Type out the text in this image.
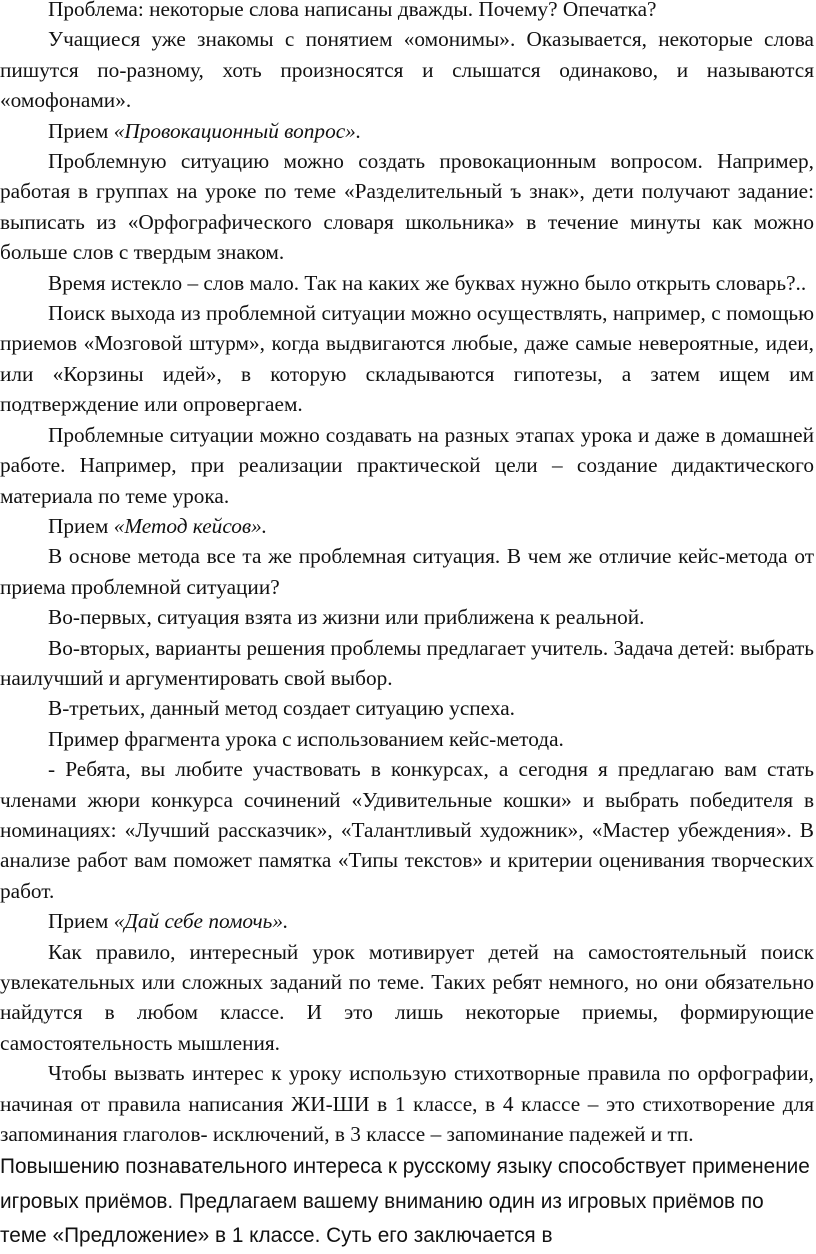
Проблема: некоторые слова написаны дважды. Почему? Опечатка?

Учащиеся уже знакомы с понятием «омонимы». Оказывается, некоторые слова пишутся по-разному, хоть произносятся и слышатся одинаково, и называются «омофонами».

Прием «Провокационный вопрос».

Проблемную ситуацию можно создать провокационным вопросом. Например, работая в группах на уроке по теме «Разделительный ъ знак», дети получают задание: выписать из «Орфографического словаря школьника» в течение минуты как можно больше слов с твердым знаком.

Время истекло – слов мало. Так на каких же буквах нужно было открыть словарь?..

Поиск выхода из проблемной ситуации можно осуществлять, например, с помощью приемов «Мозговой штурм», когда выдвигаются любые, даже самые невероятные, идеи, или «Корзины идей», в которую складываются гипотезы, а затем ищем им подтверждение или опровергаем.

Проблемные ситуации можно создавать на разных этапах урока и даже в домашней работе. Например, при реализации практической цели – создание дидактического материала по теме урока.

Прием «Метод кейсов».

В основе метода все та же проблемная ситуация. В чем же отличие кейс-метода от приема проблемной ситуации?

Во-первых, ситуация взята из жизни или приближена к реальной.

Во-вторых, варианты решения проблемы предлагает учитель. Задача детей: выбрать наилучший и аргументировать свой выбор.

В-третьих, данный метод создает ситуацию успеха.

Пример фрагмента урока с использованием кейс-метода.

- Ребята, вы любите участвовать в конкурсах, а сегодня я предлагаю вам стать членами жюри конкурса сочинений «Удивительные кошки» и выбрать победителя в номинациях: «Лучший рассказчик», «Талантливый художник», «Мастер убеждения». В анализе работ вам поможет памятка «Типы текстов» и критерии оценивания творческих работ.

Прием «Дай себе помочь».

Как правило, интересный урок мотивирует детей на самостоятельный поиск увлекательных или сложных заданий по теме. Таких ребят немного, но они обязательно найдутся в любом классе. И это лишь некоторые приемы, формирующие самостоятельность мышления.

Чтобы вызвать интерес к уроку использую стихотворные правила по орфографии, начиная от правила написания ЖИ-ШИ в 1 классе, в 4 классе – это стихотворение для запоминания глаголов- исключений, в 3 классе – запоминание падежей и тп.

Повышению познавательного интереса к русскому языку способствует применение игровых приёмов. Предлагаем вашему вниманию один из игровых приёмов по теме «Предложение» в 1 классе. Суть его заключается в
